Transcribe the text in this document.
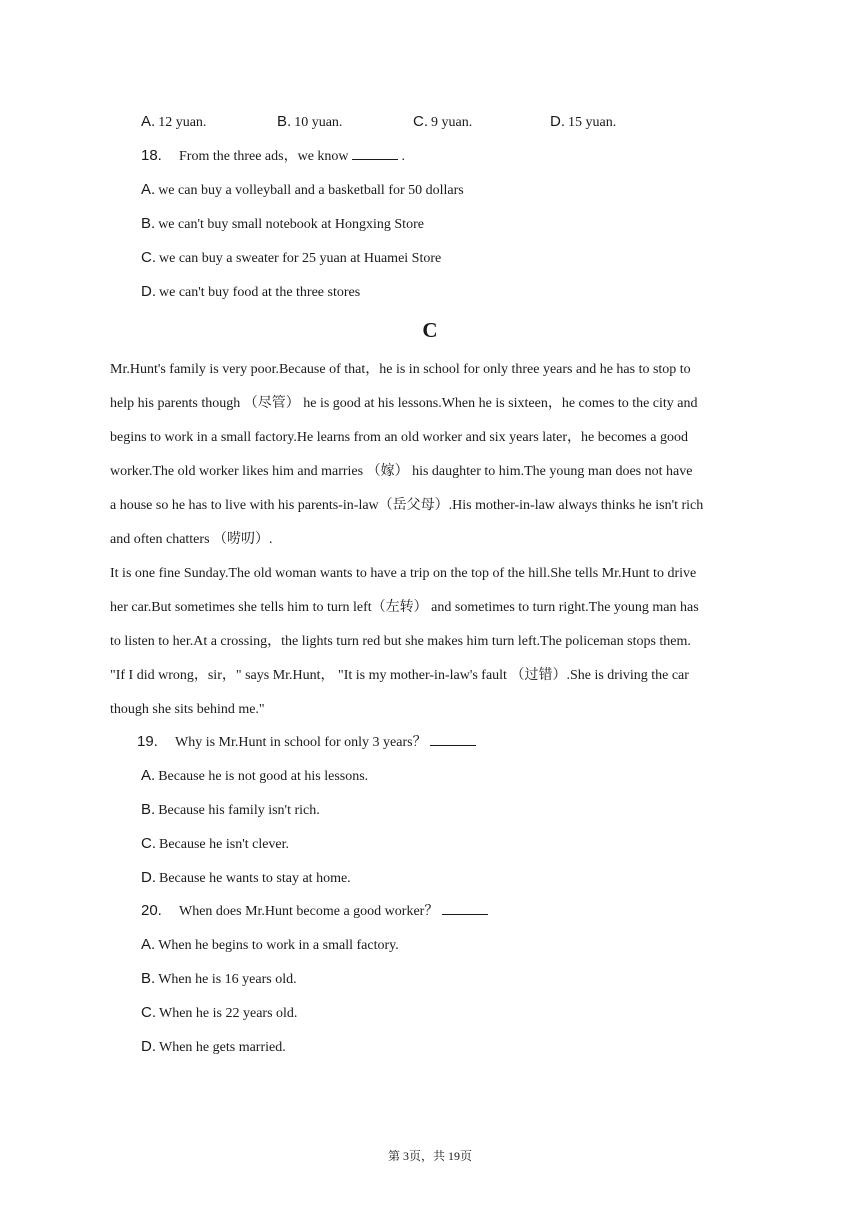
A. 12 yuan.	B. 10 yuan.	C. 9 yuan.	D. 15 yuan.
18. From the three ads，we know	.
A. we can buy a volleyball and a basketball for 50 dollars
B. we can't buy small notebook at Hongxing Store
C. we can buy a sweater for 25 yuan at Huamei Store
D. we can't buy food at the three stores
C
Mr.Hunt's family is very poor.Because of that，he is in school for only three years and he has to stop to
help his parents though （尽管） he is good at his lessons.When he is sixteen，he comes to the city and
begins to work in a small factory.He learns from an old worker and six years later，he becomes a good
worker.The old worker likes him and marries （嫁） his daughter to him.The young man does not have
a house so he has to live with his parents-in-law（岳父母）.His mother-in-law always thinks he isn't rich
and often chatters （唠叨）.
It is one fine Sunday.The old woman wants to have a trip on the top of the hill.She tells Mr.Hunt to drive
her car.But sometimes she tells him to turn left（左转） and sometimes to turn right.The young man has
to listen to her.At a crossing，the lights turn red but she makes him turn left.The policeman stops them.
"If I did wrong，sir，" says Mr.Hunt， "It is my mother-in-law's fault （过错）.She is driving the car
though she sits behind me."
19. Why is Mr.Hunt in school for only 3 years？
A. Because he is not good at his lessons.
B. Because his family isn't rich.
C. Because he isn't clever.
D. Because he wants to stay at home.
20. When does Mr.Hunt become a good worker？
A. When he begins to work in a small factory.
B. When he is 16 years old.
C. When he is 22 years old.
D. When he gets married.
第 3页，共 19页
